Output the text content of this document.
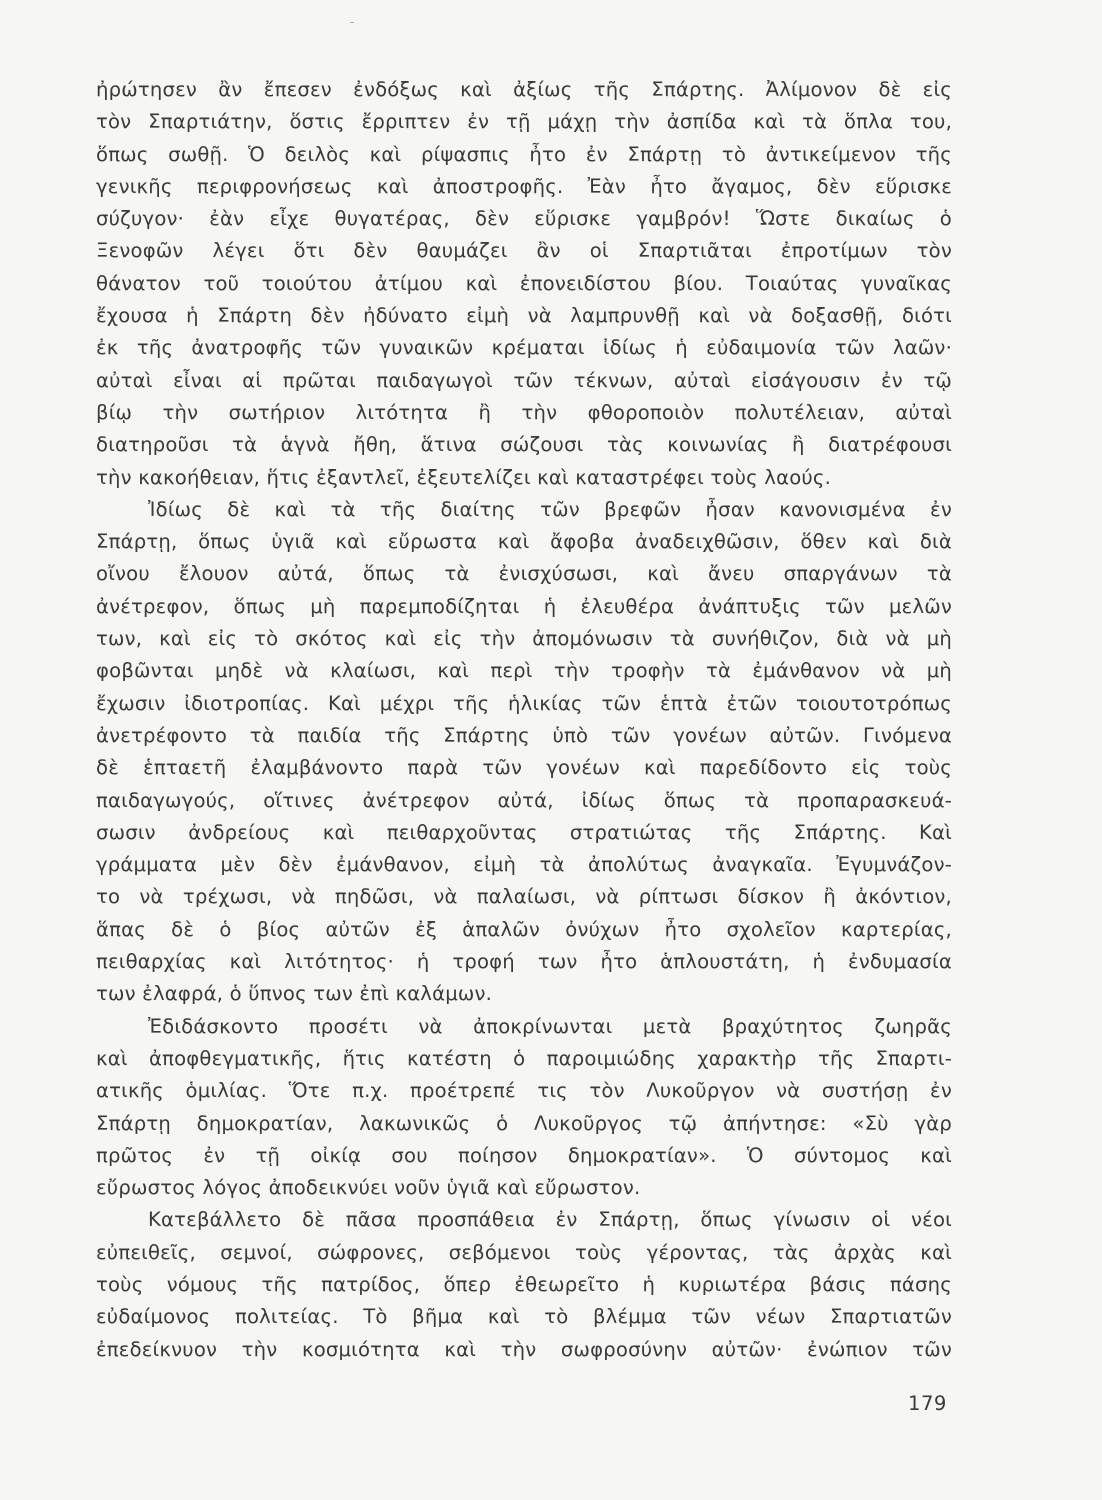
ἠρώτησεν ἂν ἔπεσεν ἐνδόξως καὶ ἀξίως τῆς Σπάρτης. Ἀλίμονον δὲ εἰς
τὸν Σπαρτιάτην, ὅστις ἔρριπτεν ἐν τῇ μάχῃ τὴν ἀσπίδα καὶ τὰ ὅπλα του,
ὅπως σωθῇ. Ὁ δειλὸς καὶ ρίψασπις ἦτο ἐν Σπάρτῃ τὸ ἀντικείμενον τῆς
γενικῆς περιφρονήσεως καὶ ἀποστροφῆς. Ἐὰν ἦτο ἄγαμος, δὲν εὕρισκε
σύζυγον· ἐὰν εἶχε θυγατέρας, δὲν εὕρισκε γαμβρόν! Ὥστε δικαίως ὁ
Ξενοφῶν λέγει ὅτι δὲν θαυμάζει ἂν οἱ Σπαρτιᾶται ἐπροτίμων τὸν
θάνατον τοῦ τοιούτου ἀτίμου καὶ ἐπονειδίστου βίου. Τοιαύτας γυναῖκας
ἔχουσα ἡ Σπάρτη δὲν ἠδύνατο εἰμὴ νὰ λαμπρυνθῇ καὶ νὰ δοξασθῇ, διότι
ἐκ τῆς ἀνατροφῆς τῶν γυναικῶν κρέμαται ἰδίως ἡ εὐδαιμονία τῶν λαῶν·
αὐταὶ εἶναι αἱ πρῶται παιδαγωγοὶ τῶν τέκνων, αὐταὶ εἰσάγουσιν ἐν τῷ
βίῳ τὴν σωτήριον λιτότητα ἢ τὴν φθοροποιὸν πολυτέλειαν, αὐταὶ
διατηροῦσι τὰ ἁγνὰ ἤθη, ἅτινα σώζουσι τὰς κοινωνίας ἢ διατρέφουσι
τὴν κακοήθειαν, ἥτις ἐξαντλεῖ, ἐξευτελίζει καὶ καταστρέφει τοὺς λαούς.
Ἰδίως δὲ καὶ τὰ τῆς διαίτης τῶν βρεφῶν ἦσαν κανονισμένα ἐν
Σπάρτῃ, ὅπως ὑγιᾶ καὶ εὔρωστα καὶ ἄφοβα ἀναδειχθῶσιν, ὅθεν καὶ διὰ
οἴνου ἔλουον αὐτά, ὅπως τὰ ἐνισχύσωσι, καὶ ἄνευ σπαργάνων τὰ
ἀνέτρεφον, ὅπως μὴ παρεμποδίζηται ἡ ἐλευθέρα ἀνάπτυξις τῶν μελῶν
των, καὶ εἰς τὸ σκότος καὶ εἰς τὴν ἀπομόνωσιν τὰ συνήθιζον, διὰ νὰ μὴ
φοβῶνται μηδὲ νὰ κλαίωσι, καὶ περὶ τὴν τροφὴν τὰ ἐμάνθανον νὰ μὴ
ἔχωσιν ἰδιοτροπίας. Καὶ μέχρι τῆς ἡλικίας τῶν ἑπτὰ ἐτῶν τοιουτοτρόπως
ἀνετρέφοντο τὰ παιδία τῆς Σπάρτης ὑπὸ τῶν γονέων αὐτῶν. Γινόμενα
δὲ ἑπταετῆ ἐλαμβάνοντο παρὰ τῶν γονέων καὶ παρεδίδοντο εἰς τοὺς
παιδαγωγούς, οἵτινες ἀνέτρεφον αὐτά, ἰδίως ὅπως τὰ προπαρασκευά-
σωσιν ἀνδρείους καὶ πειθαρχοῦντας στρατιώτας τῆς Σπάρτης. Καὶ
γράμματα μὲν δὲν ἐμάνθανον, εἰμὴ τὰ ἀπολύτως ἀναγκαῖα. Ἐγυμνάζον-
το νὰ τρέχωσι, νὰ πηδῶσι, νὰ παλαίωσι, νὰ ρίπτωσι δίσκον ἢ ἀκόντιον,
ἅπας δὲ ὁ βίος αὐτῶν ἐξ ἁπαλῶν ὀνύχων ἦτο σχολεῖον καρτερίας,
πειθαρχίας καὶ λιτότητος· ἡ τροφή των ἦτο ἁπλουστάτη, ἡ ἐνδυμασία
των ἐλαφρά, ὁ ὕπνος των ἐπὶ καλάμων.
Ἐδιδάσκοντο προσέτι νὰ ἀποκρίνωνται μετὰ βραχύτητος ζωηρᾶς
καὶ ἀποφθεγματικῆς, ἥτις κατέστη ὁ παροιμιώδης χαρακτὴρ τῆς Σπαρτι-
ατικῆς ὁμιλίας. Ὅτε π.χ. προέτρεπέ τις τὸν Λυκοῦργον νὰ συστήσῃ ἐν
Σπάρτῃ δημοκρατίαν, λακωνικῶς ὁ Λυκοῦργος τῷ ἀπήντησε: «Σὺ γὰρ
πρῶτος ἐν τῇ οἰκίᾳ σου ποίησον δημοκρατίαν». Ὁ σύντομος καὶ
εὔρωστος λόγος ἀποδεικνύει νοῦν ὑγιᾶ καὶ εὔρωστον.
Κατεβάλλετο δὲ πᾶσα προσπάθεια ἐν Σπάρτῃ, ὅπως γίνωσιν οἱ νέοι
εὐπειθεῖς, σεμνοί, σώφρονες, σεβόμενοι τοὺς γέροντας, τὰς ἀρχὰς καὶ
τοὺς νόμους τῆς πατρίδος, ὅπερ ἐθεωρεῖτο ἡ κυριωτέρα βάσις πάσης
εὐδαίμονος πολιτείας. Τὸ βῆμα καὶ τὸ βλέμμα τῶν νέων Σπαρτιατῶν
ἐπεδείκνυον τὴν κοσμιότητα καὶ τὴν σωφροσύνην αὐτῶν· ἐνώπιον τῶν
179
